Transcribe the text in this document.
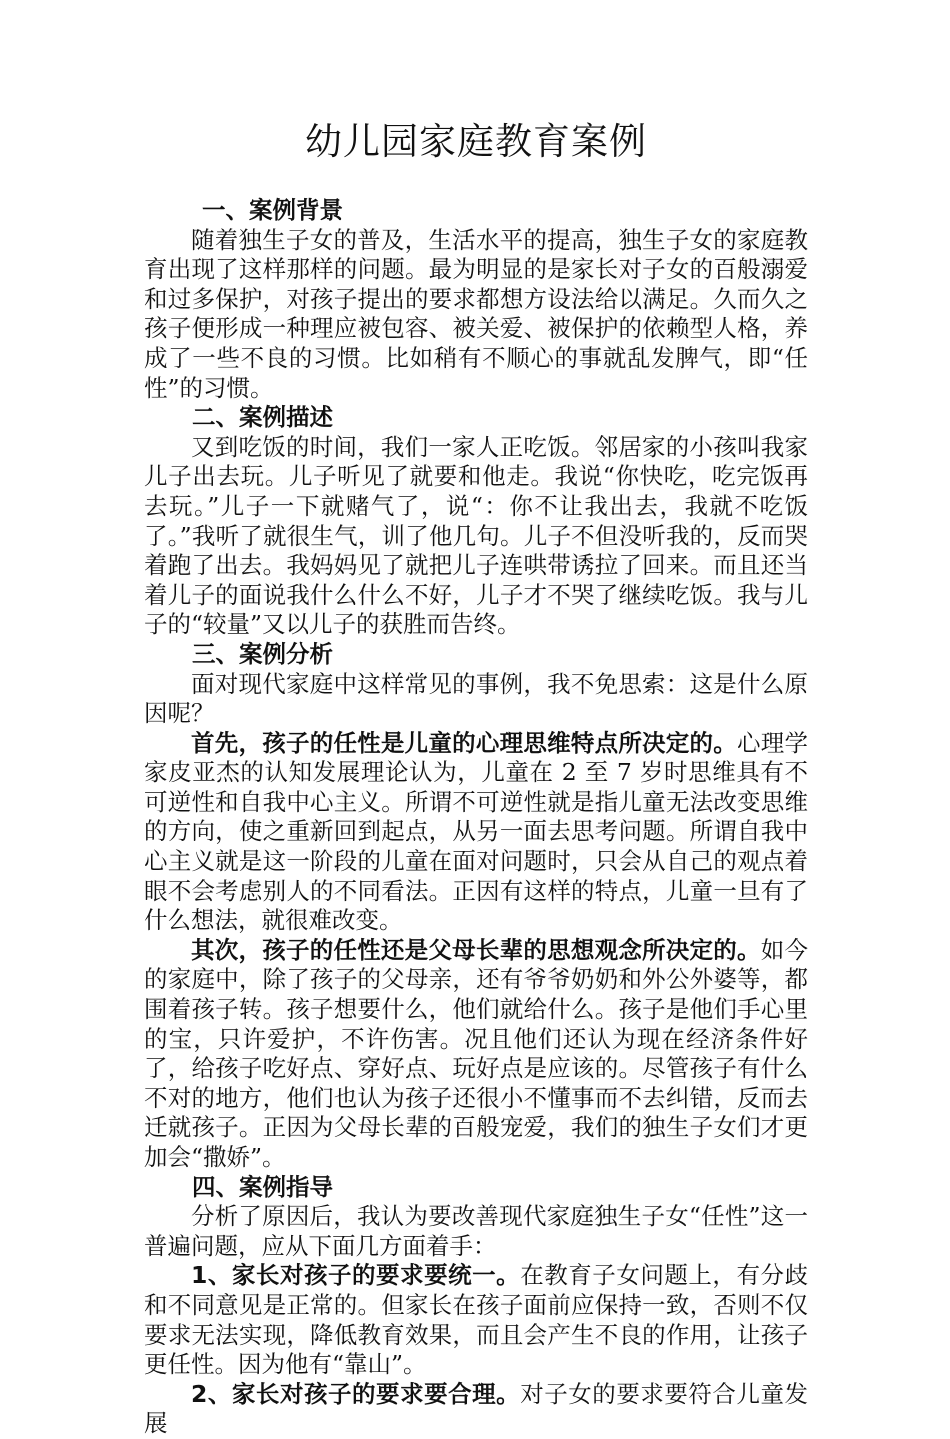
幼儿园家庭教育案例
一、案例背景

随着独生子女的普及，生活水平的提高，独生子女的家庭教育出现了这样那样的问题。最为明显的是家长对子女的百般溺爱和过多保护，对孩子提出的要求都想方设法给以满足。久而久之孩子便形成一种理应被包容、被关爱、被保护的依赖型人格，养成了一些不良的习惯。比如稍有不顺心的事就乱发脾气，即“任性”的习惯。

二、案例描述

又到吃饭的时间，我们一家人正吃饭。邻居家的小孩叫我家儿子出去玩。儿子听见了就要和他走。我说“你快吃，吃完饭再去玩。”儿子一下就赌气了，说“：你不让我出去，我就不吃饭了。”我听了就很生气，训了他几句。儿子不但没听我的，反而哭着跑了出去。我妈妈见了就把儿子连哄带诱拉了回来。而且还当着儿子的面说我什么什么不好，儿子才不哭了继续吃饭。我与儿子的“较量”又以儿子的获胜而告终。

三、案例分析

面对现代家庭中这样常见的事例，我不免思索：这是什么原因呢？

首先，孩子的任性是儿童的心理思维特点所决定的。心理学家皮亚杰的认知发展理论认为，儿童在 2 至 7 岁时思维具有不可逆性和自我中心主义。所谓不可逆性就是指儿童无法改变思维的方向，使之重新回到起点，从另一面去思考问题。所谓自我中心主义就是这一阶段的儿童在面对问题时，只会从自己的观点着眼不会考虑别人的不同看法。正因有这样的特点，儿童一旦有了什么想法，就很难改变。

其次，孩子的任性还是父母长辈的思想观念所决定的。如今的家庭中，除了孩子的父母亲，还有爷爷奶奶和外公外婆等，都围着孩子转。孩子想要什么，他们就给什么。孩子是他们手心里的宝，只许爱护，不许伤害。况且他们还认为现在经济条件好了，给孩子吃好点、穿好点、玩好点是应该的。尽管孩子有什么不对的地方，他们也认为孩子还很小不懂事而不去纠错，反而去迁就孩子。正因为父母长辈的百般宠爱，我们的独生子女们才更加会“撒娇”。

四、案例指导

分析了原因后，我认为要改善现代家庭独生子女“任性”这一普遍问题，应从下面几方面着手：

1、家长对孩子的要求要统一。在教育子女问题上，有分歧和不同意见是正常的。但家长在孩子面前应保持一致，否则不仅要求无法实现，降低教育效果，而且会产生不良的作用，让孩子更任性。因为他有“靠山”。

2、家长对孩子的要求要合理。对子女的要求要符合儿童发展
